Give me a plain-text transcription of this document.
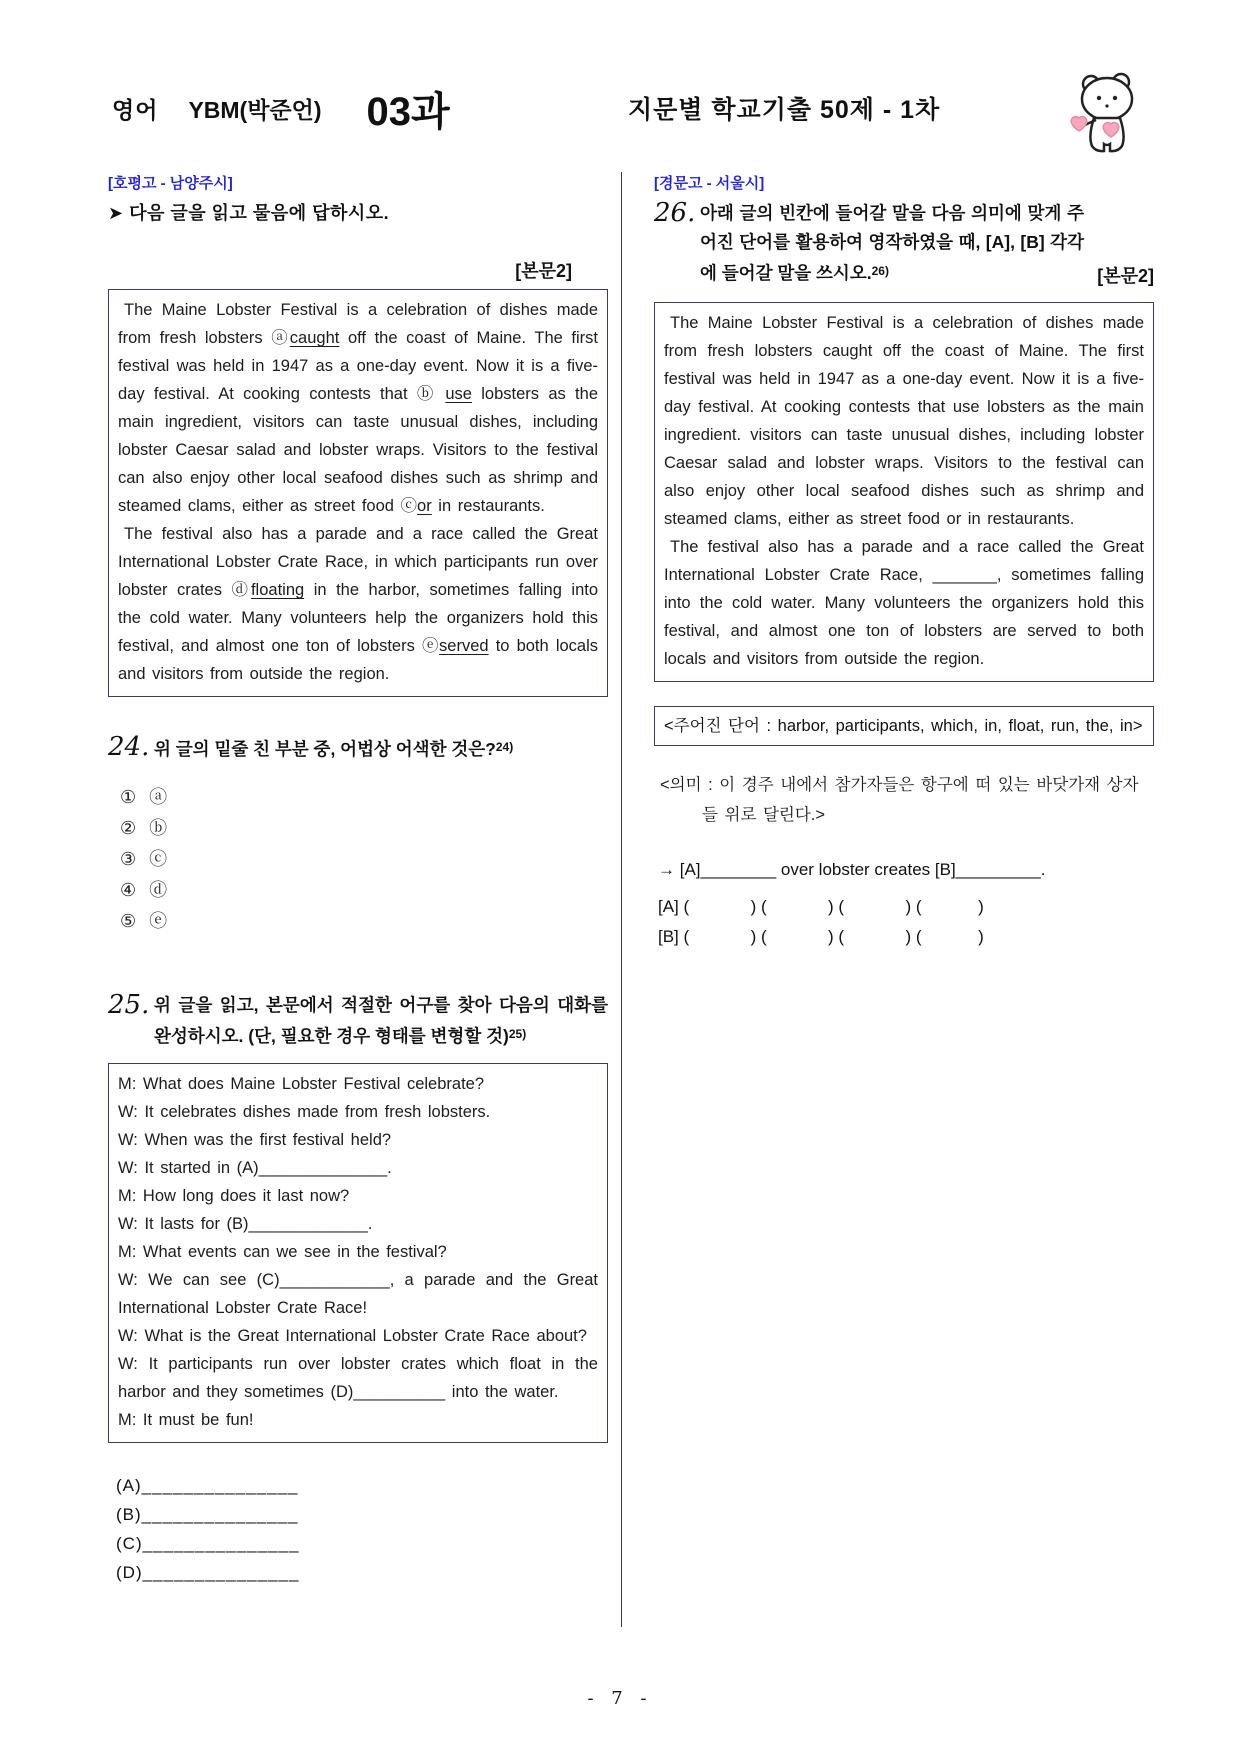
영어 YBM(박준언) 03과	지문별 학교기출 50제 - 1차
[호평고 - 남양주시]
➤ 다음 글을 읽고 물음에 답하시오.
[본문2]

The Maine Lobster Festival is a celebration of dishes made from fresh lobsters ⓐcaught off the coast of Maine. The first festival was held in 1947 as a one-day event. Now it is a five-day festival. At cooking contests that ⓑ use lobsters as the main ingredient, visitors can taste unusual dishes, including lobster Caesar salad and lobster wraps. Visitors to the festival can also enjoy other local seafood dishes such as shrimp and steamed clams, either as street food ⓒor in restaurants.

The festival also has a parade and a race called the Great International Lobster Crate Race, in which participants run over lobster crates ⓓfloating in the harbor, sometimes falling into the cold water. Many volunteers help the organizers hold this festival, and almost one ton of lobsters ⓔserved to both locals and visitors from outside the region.

24. 위 글의 밑줄 친 부분 중, 어법상 어색한 것은?$^{24)}$
① ⓐ
② ⓑ
③ ⓒ
④ ⓓ
⑤ ⓔ
25. 위 글을 읽고, 본문에서 적절한 어구를 찾아 다음의 대화를 완성하시오. (단, 필요한 경우 형태를 변형할 것)$^{25)}$
M: What does Maine Lobster Festival celebrate?
W: It celebrates dishes made from fresh lobsters.
W: When was the first festival held?
W: It started in (A)______________.
M: How long does it last now?
W: It lasts for (B)_____________.
M: What events can we see in the festival?
W: We can see (C)____________, a parade and the Great International Lobster Crate Race!
W: What is the Great International Lobster Crate Race about?
W: It participants run over lobster crates which float in the harbor and they sometimes (D)__________ into the water.
M: It must be fun!
(A)_______________
(B)_______________
(C)_______________
(D)_______________
[경문고 - 서울시]
26. 아래 글의 빈칸에 들어갈 말을 다음 의미에 맞게 주어진 단어를 활용하여 영작하였을 때, [A], [B] 각각에 들어갈 말을 쓰시오.$^{26)}$	[본문2]

The Maine Lobster Festival is a celebration of dishes made from fresh lobsters caught off the coast of Maine. The first festival was held in 1947 as a one-day event. Now it is a five- day festival. At cooking contests that use lobsters as the main ingredient. visitors can taste unusual dishes, including lobster Caesar salad and lobster wraps. Visitors to the festival can also enjoy other local seafood dishes such as shrimp and steamed clams, either as street food or in restaurants.

The festival also has a parade and a race called the Great International Lobster Crate Race, _______, sometimes falling into the cold water. Many volunteers the organizers hold this festival, and almost one ton of lobsters are served to both locals and visitors from outside the region.

<주어진 단어 : harbor, participants, which, in, float, run, the, in>
<의미 : 이 경주 내에서 참가자들은 항구에 떠 있는 바닷가재 상자들 위로 달린다.>
→ [A]________ over lobster creates [B]_________.
[A] (             ) (             ) (             ) (            )
[B] (             ) (             ) (             ) (            )
- 7 -
